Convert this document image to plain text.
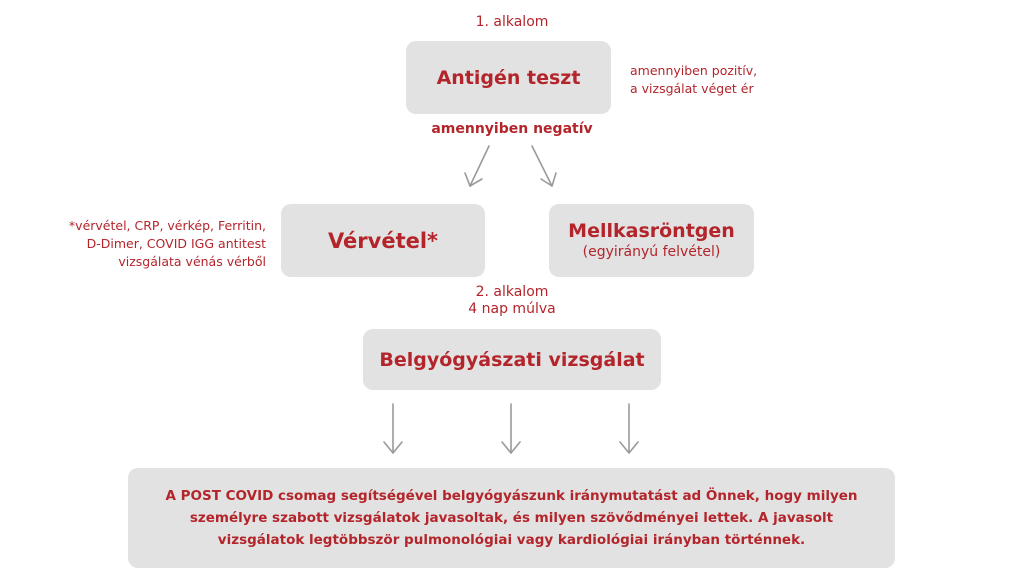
1. alkalom
Antigén teszt	amennyiben pozitív,
a vizsgálat véget ér
amennyiben negatív
*vérvétel, CRP, vérkép, Ferritin,
D-Dimer, COVID IGG antitest
vizsgálata vénás vérből
Vérvétel*	Mellkasröntgen
(egyirányú felvétel)
2. alkalom
4 nap múlva
Belgyógyászati vizsgálat
A POST COVID csomag segítségével belgyógyászunk iránymutatást ad Önnek, hogy milyen
személyre szabott vizsgálatok javasoltak, és milyen szövődményei lettek. A javasolt
vizsgálatok legtöbbször pulmonológiai vagy kardiológiai irányban történnek.
